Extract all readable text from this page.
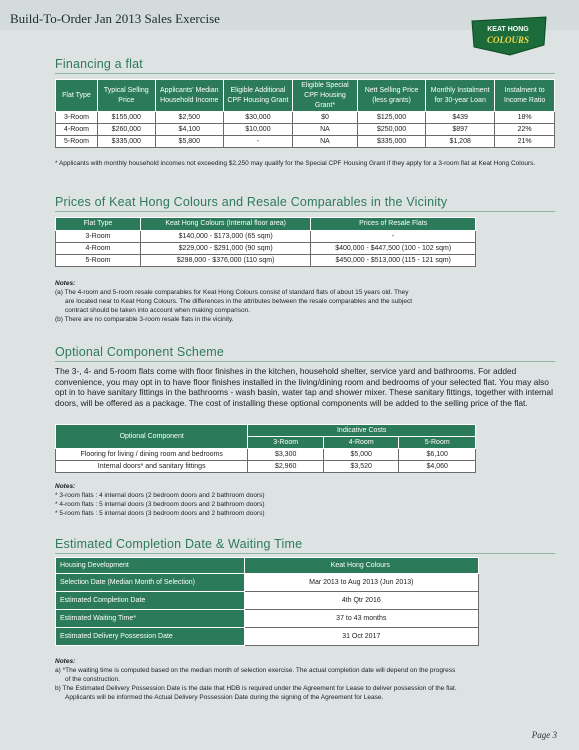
Build-To-Order Jan 2013 Sales Exercise
KEAT HONG
COLOURS
Financing a flat
Flat Type	Typical Selling Price	Applicants' Median Household Income	Eligible Additional CPF Housing Grant	Eligible Special CPF Housing Grant*	Nett Selling Price (less grants)	Monthly Instalment for 30-year Loan	Instalment to Income Ratio
3-Room	$155,000	$2,500	$30,000	$0	$125,000	$439	18%
4-Room	$260,000	$4,100	$10,000	NA	$250,000	$897	22%
5-Room	$335,000	$5,800	-	NA	$335,000	$1,208	21%
* Applicants with monthly household incomes not exceeding $2,250 may qualify for the Special CPF Housing Grant if they apply for a 3-room flat at Keat Hong Colours.
Prices of Keat Hong Colours and Resale Comparables in the Vicinity
Flat Type	Keat Hong Colours (Internal floor area)	Prices of Resale Flats
3-Room	$140,000 - $173,000 (65 sqm)	-
4-Room	$229,000 - $291,000 (90 sqm)	$400,000 - $447,500 (100 - 102 sqm)
5-Room	$298,000 - $376,000 (110 sqm)	$450,000 - $513,000 (115 - 121 sqm)

Notes:

(a) The 4-room and 5-room resale comparables for Keat Hong Colours consist of standard flats of about 15 years old. They

are located near to Keat Hong Colours. The differences in the attributes between the resale comparables and the subject

contract should be taken into account when making comparison.

(b) There are no comparable 3-room resale flats in the vicinity.

Optional Component Scheme
The 3-, 4- and 5-room flats come with floor finishes in the kitchen, household shelter, service yard and bathrooms. For added convenience, you may opt in to have floor finishes installed in the living/dining room and bedrooms of your selected flat. You may also opt in to have sanitary fittings in the bathrooms - wash basin, water tap and shower mixer. These sanitary fittings, together with internal doors, will be offered as a package. The cost of installing these optional components will be added to the selling price of the flat.
Optional Component	Indicative Costs		
	3-Room	4-Room	5-Room
Flooring for living / dining room and bedrooms	$3,300	$5,000	$6,100
Internal doors* and sanitary fittings	$2,960	$3,520	$4,060

Notes:

* 3-room flats : 4 internal doors (2 bedroom doors and 2 bathroom doors)

* 4-room flats : 5 internal doors (3 bedroom doors and 2 bathroom doors)

* 5-room flats : 5 internal doors (3 bedroom doors and 2 bathroom doors)

Estimated Completion Date & Waiting Time
Housing Development	Keat Hong Colours
Selection Date (Median Month of Selection)	Mar 2013 to Aug 2013 (Jun 2013)
Estimated Completion Date	4th Qtr 2016
Estimated Waiting Time*	37 to 43 months
Estimated Delivery Possession Date	31 Oct 2017

Notes:

a) *The waiting time is computed based on the median month of selection exercise. The actual completion date will depend on the progress

of the construction.

b) The Estimated Delivery Possession Date is the date that HDB is required under the Agreement for Lease to deliver possession of the flat.

Applicants will be informed the Actual Delivery Possession Date during the signing of the Agreement for Lease.

Page 3
